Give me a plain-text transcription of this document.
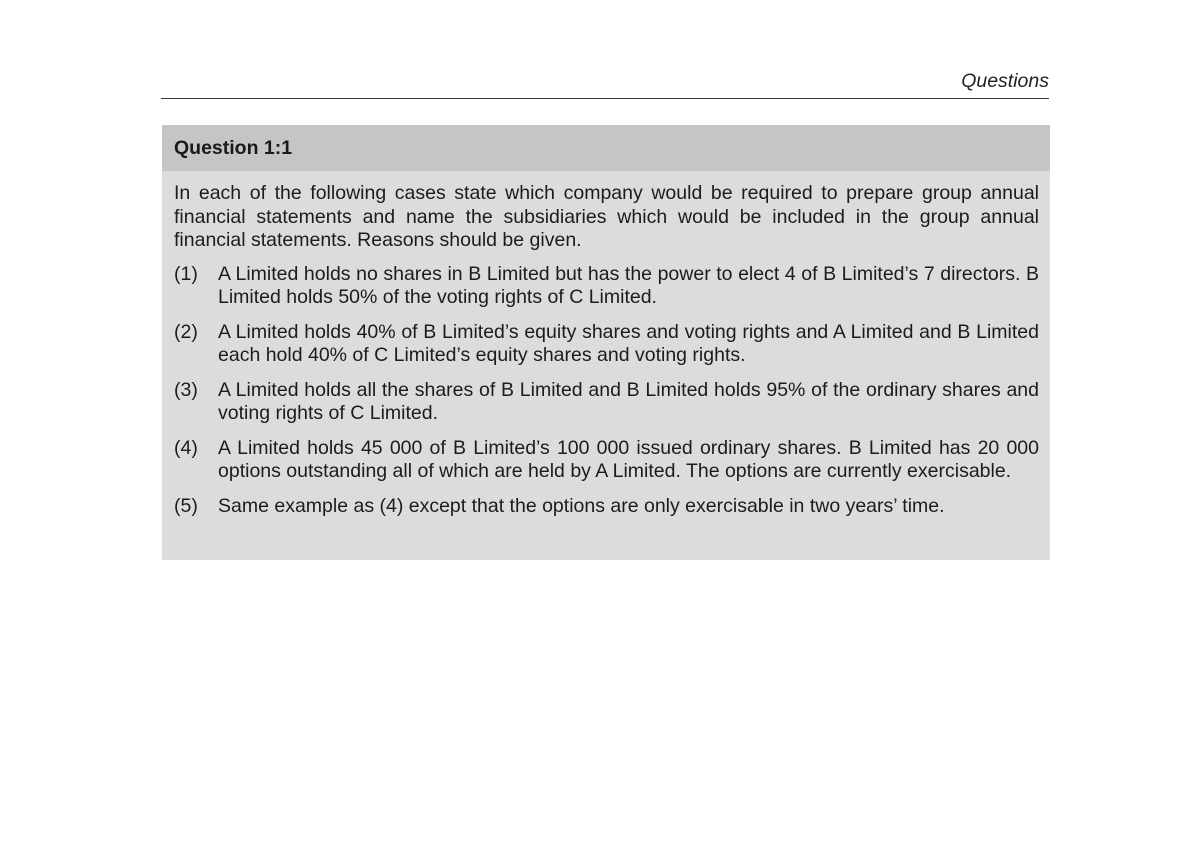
Questions
Question 1:1

In each of the following cases state which company would be required to prepare group annual financial statements and name the subsidiaries which would be included in the group annual financial statements. Reasons should be given.

(1)	A Limited holds no shares in B Limited but has the power to elect 4 of B Limited’s 7 directors. B Limited holds 50% of the voting rights of C Limited.
(2)	A Limited holds 40% of B Limited’s equity shares and voting rights and A Limited and B Limited each hold 40% of C Limited’s equity shares and voting rights.
(3)	A Limited holds all the shares of B Limited and B Limited holds 95% of the ordinary shares and voting rights of C Limited.
(4)	A Limited holds 45 000 of B Limited’s 100 000 issued ordinary shares. B Limited has 20 000 options outstanding all of which are held by A Limited. The options are currently exercisable.
(5)	Same example as (4) except that the options are only exercisable in two years’ time.
